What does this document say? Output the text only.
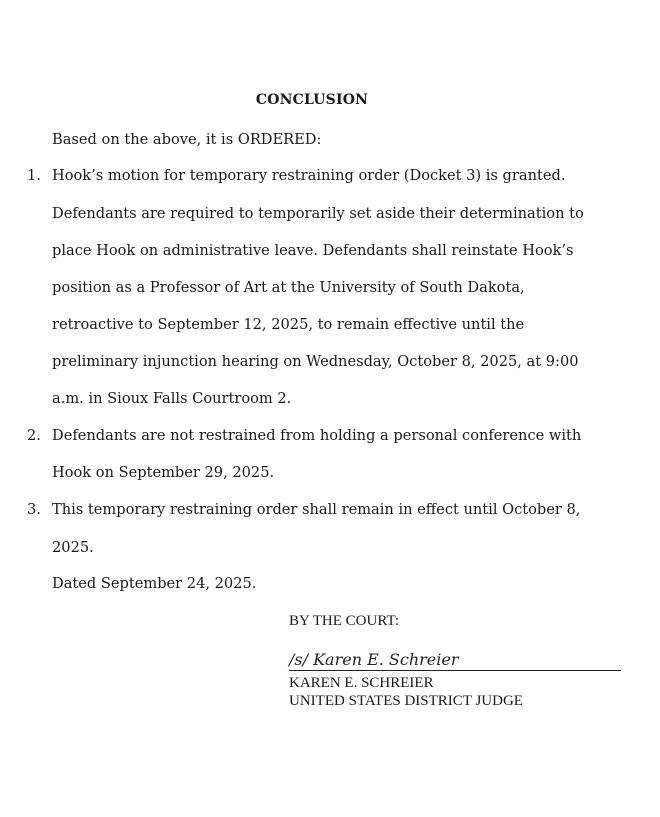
CONCLUSION
Based on the above, it is ORDERED:
1. Hook’s motion for temporary restraining order (Docket 3) is granted.
Defendants are required to temporarily set aside their determination to
place Hook on administrative leave. Defendants shall reinstate Hook’s
position as a Professor of Art at the University of South Dakota,
retroactive to September 12, 2025, to remain effective until the
preliminary injunction hearing on Wednesday, October 8, 2025, at 9:00
a.m. in Sioux Falls Courtroom 2.
2. Defendants are not restrained from holding a personal conference with
Hook on September 29, 2025.
3. This temporary restraining order shall remain in effect until October 8,
2025.
Dated September 24, 2025.
BY THE COURT:
/s/ Karen E. Schreier
KAREN E. SCHREIER
UNITED STATES DISTRICT JUDGE
